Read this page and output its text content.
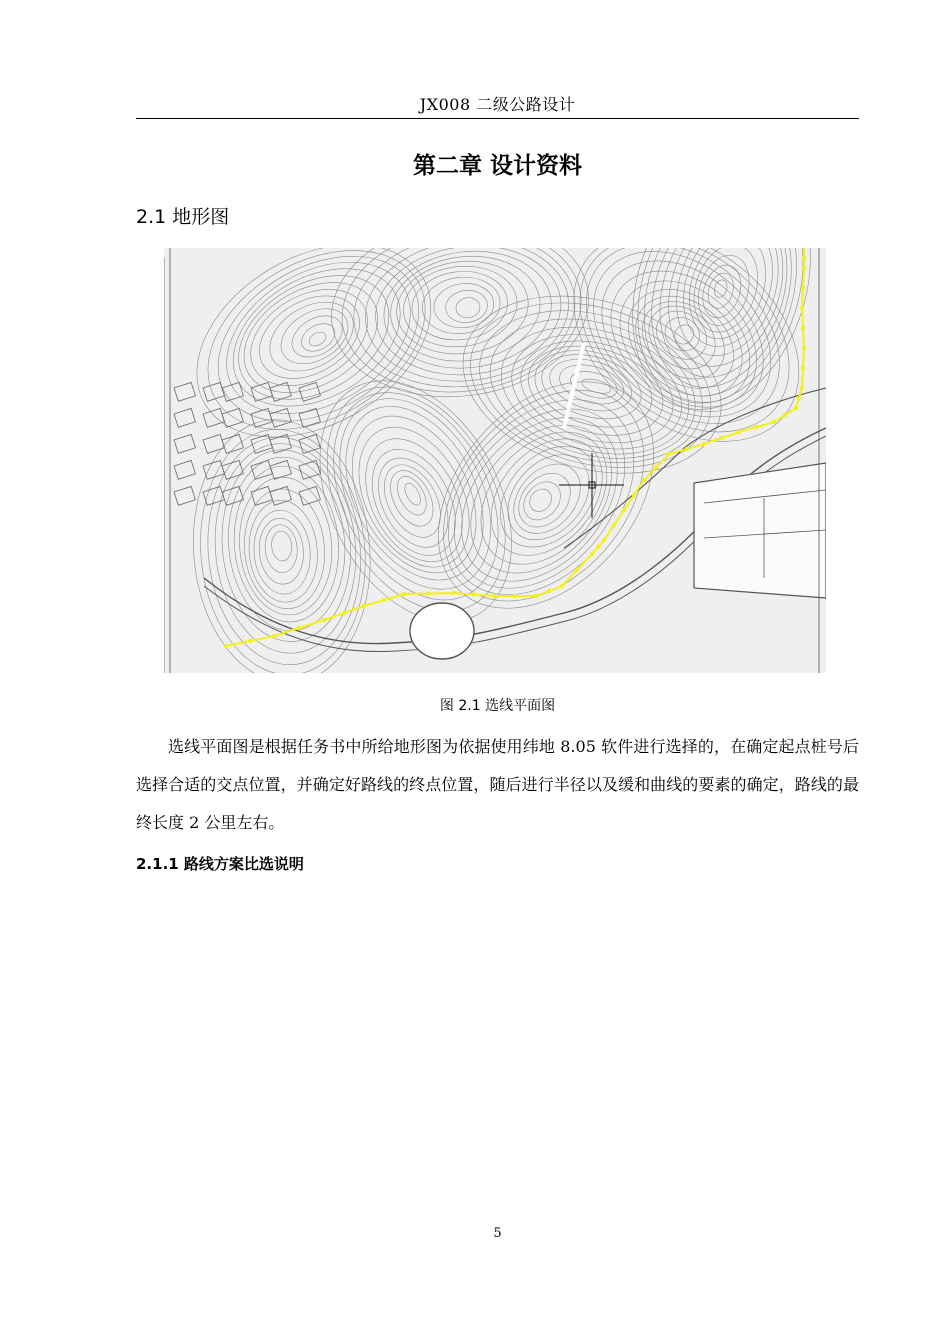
JX008 二级公路设计
第二章 设计资料
2.1 地形图
图 2.1 选线平面图

选线平面图是根据任务书中所给地形图为依据使用纬地 8.05 软件进行选择的，在确定起点桩号后选择合适的交点位置，并确定好路线的终点位置，随后进行半径以及缓和曲线的要素的确定，路线的最终长度 2 公里左右。

2.1.1 路线方案比选说明
5
